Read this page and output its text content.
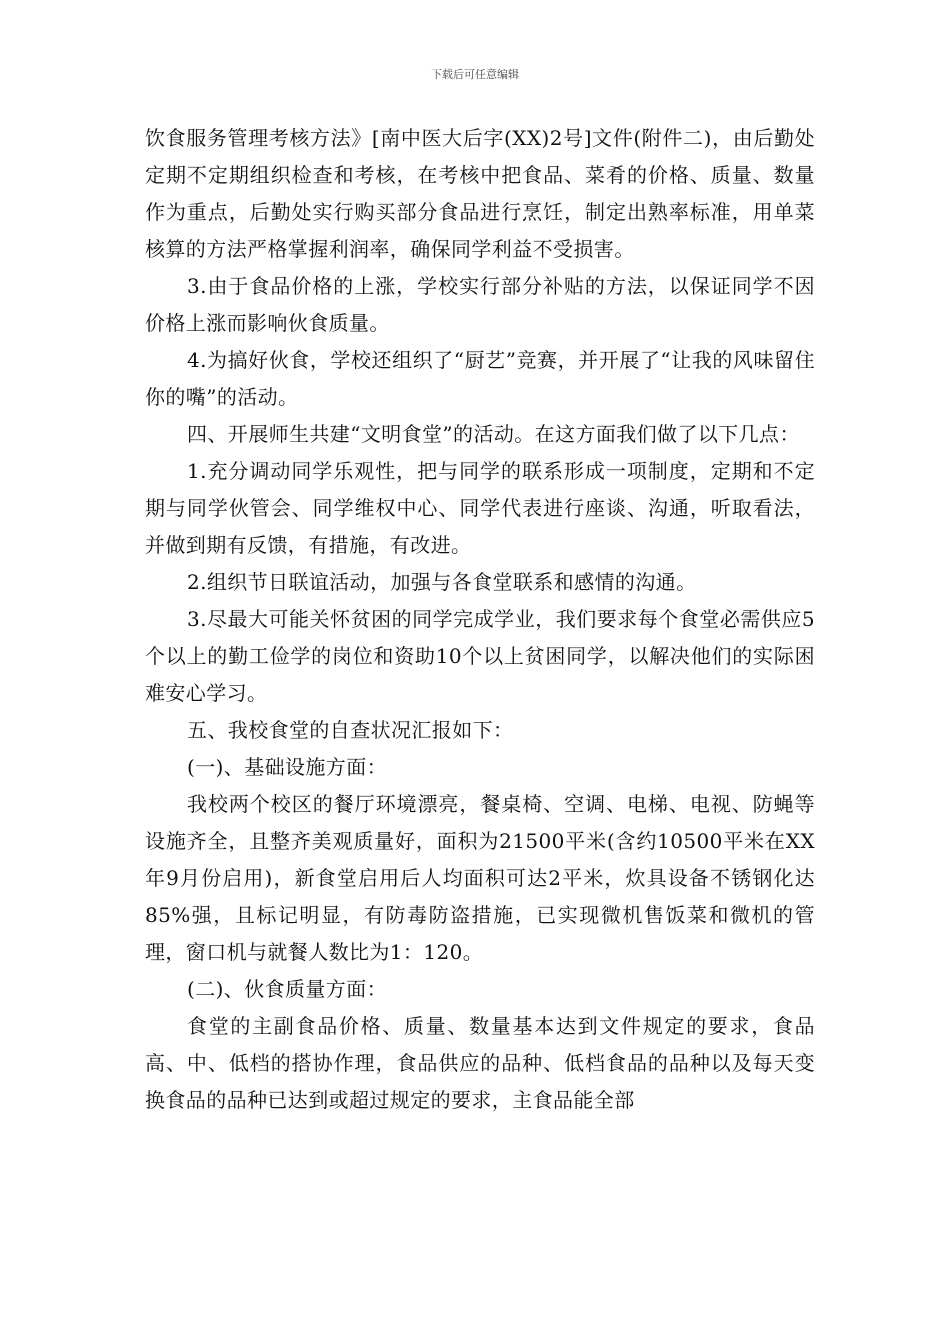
下载后可任意编辑

饮食服务管理考核方法》[南中医大后字(XX)2号]文件(附件二)，由后勤处定期不定期组织检查和考核，在考核中把食品、菜肴的价格、质量、数量作为重点，后勤处实行购买部分食品进行烹饪，制定出熟率标准，用单菜核算的方法严格掌握利润率，确保同学利益不受损害。

3.由于食品价格的上涨，学校实行部分补贴的方法，以保证同学不因价格上涨而影响伙食质量。

4.为搞好伙食，学校还组织了“厨艺”竞赛，并开展了“让我的风味留住你的嘴”的活动。

四、开展师生共建“文明食堂”的活动。在这方面我们做了以下几点：

1.充分调动同学乐观性，把与同学的联系形成一项制度，定期和不定期与同学伙管会、同学维权中心、同学代表进行座谈、沟通，听取看法，并做到期有反馈，有措施，有改进。

2.组织节日联谊活动，加强与各食堂联系和感情的沟通。

3.尽最大可能关怀贫困的同学完成学业，我们要求每个食堂必需供应5个以上的勤工俭学的岗位和资助10个以上贫困同学，以解决他们的实际困难安心学习。

五、我校食堂的自查状况汇报如下：

(一)、基础设施方面：

我校两个校区的餐厅环境漂亮，餐桌椅、空调、电梯、电视、防蝇等设施齐全，且整齐美观质量好，面积为21500平米(含约10500平米在XX年9月份启用)，新食堂启用后人均面积可达2平米，炊具设备不锈钢化达85%强，且标记明显，有防毒防盗措施，已实现微机售饭菜和微机的管理，窗口机与就餐人数比为1：120。

(二)、伙食质量方面：

食堂的主副食品价格、质量、数量基本达到文件规定的要求，食品高、中、低档的搭协作理，食品供应的品种、低档食品的品种以及每天变换食品的品种已达到或超过规定的要求，主食品能全部
